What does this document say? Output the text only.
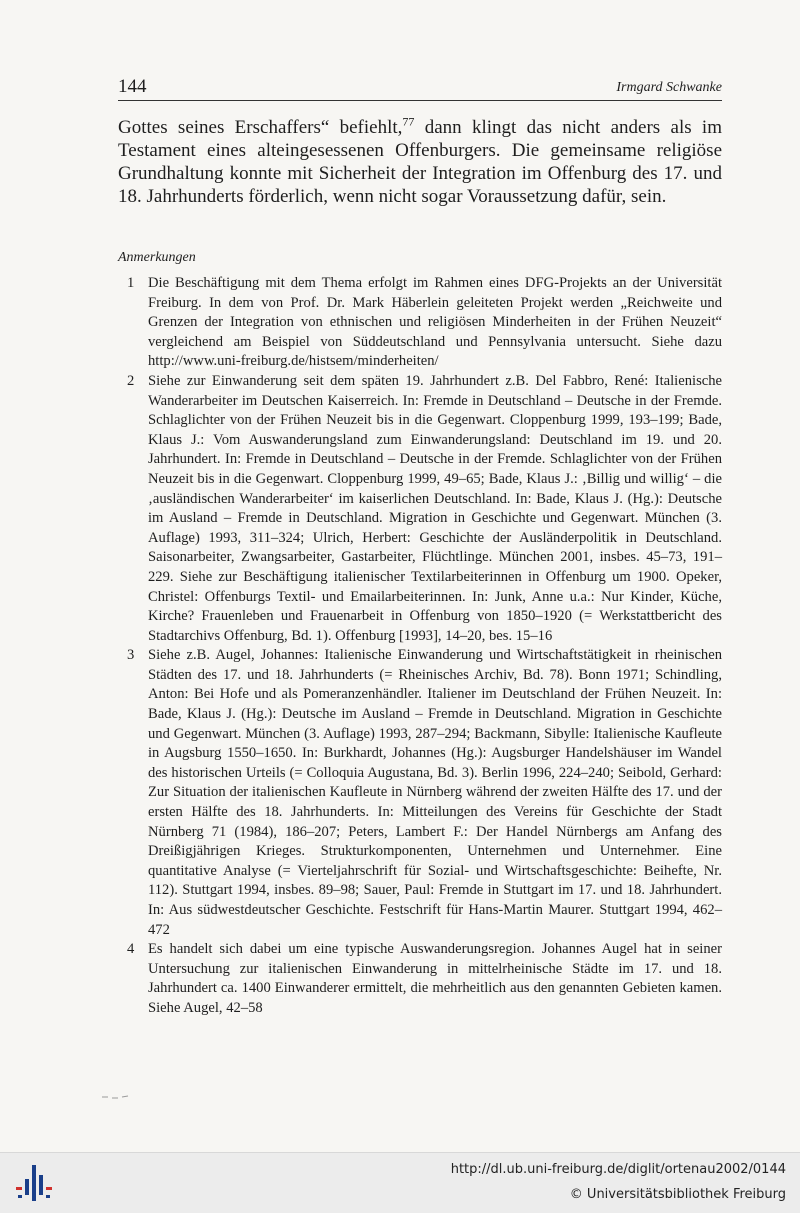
144	Irmgard Schwanke

Gottes seines Erschaffers“ befiehlt,$^{77}$ dann klingt das nicht anders als im Testament eines alteingesessenen Offenburgers. Die gemeinsame religiöse Grundhaltung konnte mit Sicherheit der Integration im Offenburg des 17. und 18. Jahrhunderts förderlich, wenn nicht sogar Voraussetzung dafür, sein.

Anmerkungen

1 Die Beschäftigung mit dem Thema erfolgt im Rahmen eines DFG-Projekts an der Universität Freiburg. In dem von Prof. Dr. Mark Häberlein geleiteten Projekt werden „Reichweite und Grenzen der Integration von ethnischen und religiösen Minderheiten in der Frühen Neuzeit“ vergleichend am Beispiel von Süddeutschland und Pennsylvania untersucht. Siehe dazu http://www.uni-freiburg.de/histsem/minderheiten/
2 Siehe zur Einwanderung seit dem späten 19. Jahrhundert z.B. Del Fabbro, René: Italienische Wanderarbeiter im Deutschen Kaiserreich. In: Fremde in Deutschland – Deutsche in der Fremde. Schlaglichter von der Frühen Neuzeit bis in die Gegenwart. Cloppenburg 1999, 193–199; Bade, Klaus J.: Vom Auswanderungsland zum Einwanderungsland: Deutschland im 19. und 20. Jahrhundert. In: Fremde in Deutschland – Deutsche in der Fremde. Schlaglichter von der Frühen Neuzeit bis in die Gegenwart. Cloppenburg 1999, 49–65; Bade, Klaus J.: ‚Billig und willig‘ – die ‚ausländischen Wanderarbeiter‘ im kaiserlichen Deutschland. In: Bade, Klaus J. (Hg.): Deutsche im Ausland – Fremde in Deutschland. Migration in Geschichte und Gegenwart. München (3. Auflage) 1993, 311–324; Ulrich, Herbert: Geschichte der Ausländerpolitik in Deutschland. Saisonarbeiter, Zwangsarbeiter, Gastarbeiter, Flüchtlinge. München 2001, insbes. 45–73, 191–229. Siehe zur Beschäftigung italienischer Textilarbeiterinnen in Offenburg um 1900. Opeker, Christel: Offenburgs Textil- und Emailarbeiterinnen. In: Junk, Anne u.a.: Nur Kinder, Küche, Kirche? Frauenleben und Frauenarbeit in Offenburg von 1850–1920 (= Werkstattbericht des Stadtarchivs Offenburg, Bd. 1). Offenburg [1993], 14–20, bes. 15–16
3 Siehe z.B. Augel, Johannes: Italienische Einwanderung und Wirtschaftstätigkeit in rheinischen Städten des 17. und 18. Jahrhunderts (= Rheinisches Archiv, Bd. 78). Bonn 1971; Schindling, Anton: Bei Hofe und als Pomeranzenhändler. Italiener im Deutschland der Frühen Neuzeit. In: Bade, Klaus J. (Hg.): Deutsche im Ausland – Fremde in Deutschland. Migration in Geschichte und Gegenwart. München (3. Auflage) 1993, 287–294; Backmann, Sibylle: Italienische Kaufleute in Augsburg 1550–1650. In: Burkhardt, Johannes (Hg.): Augsburger Handelshäuser im Wandel des historischen Urteils (= Colloquia Augustana, Bd. 3). Berlin 1996, 224–240; Seibold, Gerhard: Zur Situation der italienischen Kaufleute in Nürnberg während der zweiten Hälfte des 17. und der ersten Hälfte des 18. Jahrhunderts. In: Mitteilungen des Vereins für Geschichte der Stadt Nürnberg 71 (1984), 186–207; Peters, Lambert F.: Der Handel Nürnbergs am Anfang des Dreißigjährigen Krieges. Strukturkomponenten, Unternehmen und Unternehmer. Eine quantitative Analyse (= Vierteljahrschrift für Sozial- und Wirtschaftsgeschichte: Beihefte, Nr. 112). Stuttgart 1994, insbes. 89–98; Sauer, Paul: Fremde in Stuttgart im 17. und 18. Jahrhundert. In: Aus südwestdeutscher Geschichte. Festschrift für Hans-Martin Maurer. Stuttgart 1994, 462–472
4 Es handelt sich dabei um eine typische Auswanderungsregion. Johannes Augel hat in seiner Untersuchung zur italienischen Einwanderung in mittelrheinische Städte im 17. und 18. Jahrhundert ca. 1400 Einwanderer ermittelt, die mehrheitlich aus den genannten Gebieten kamen. Siehe Augel, 42–58
http://dl.ub.uni-freiburg.de/diglit/ortenau2002/0144
© Universitätsbibliothek Freiburg
